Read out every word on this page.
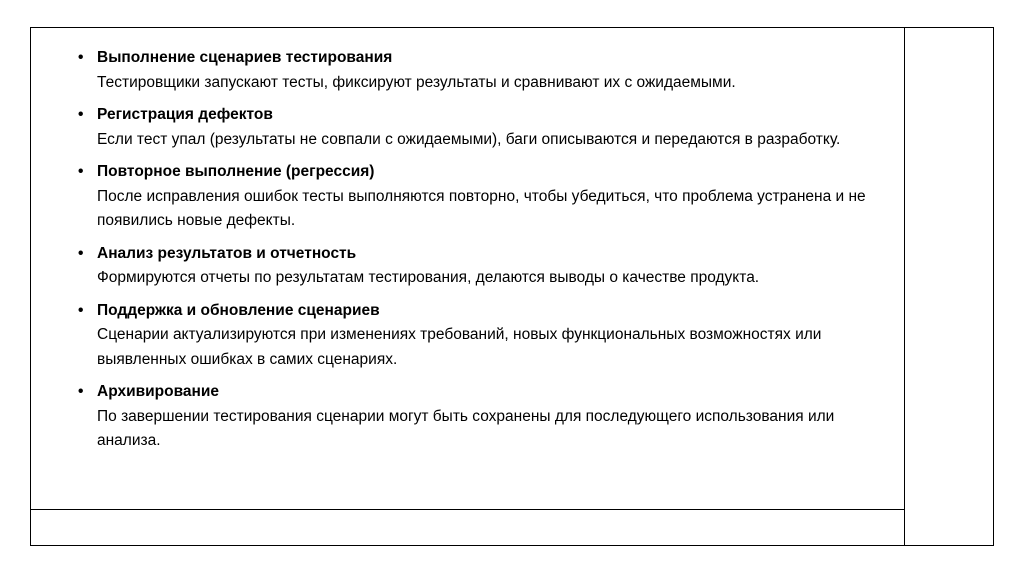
• Выполнение сценариев тестирования
Тестировщики запускают тесты, фиксируют результаты и сравнивают их с ожидаемыми.
• Регистрация дефектов
Если тест упал (результаты не совпали с ожидаемыми), баги описываются и передаются в разработку.
• Повторное выполнение (регрессия)
После исправления ошибок тесты выполняются повторно, чтобы убедиться, что проблема устранена и не появились новые дефекты.
• Анализ результатов и отчетность
Формируются отчеты по результатам тестирования, делаются выводы о качестве продукта.
• Поддержка и обновление сценариев
Сценарии актуализируются при изменениях требований, новых функциональных возможностях или выявленных ошибках в самих сценариях.
• Архивирование
По завершении тестирования сценарии могут быть сохранены для последующего использования или анализа.
